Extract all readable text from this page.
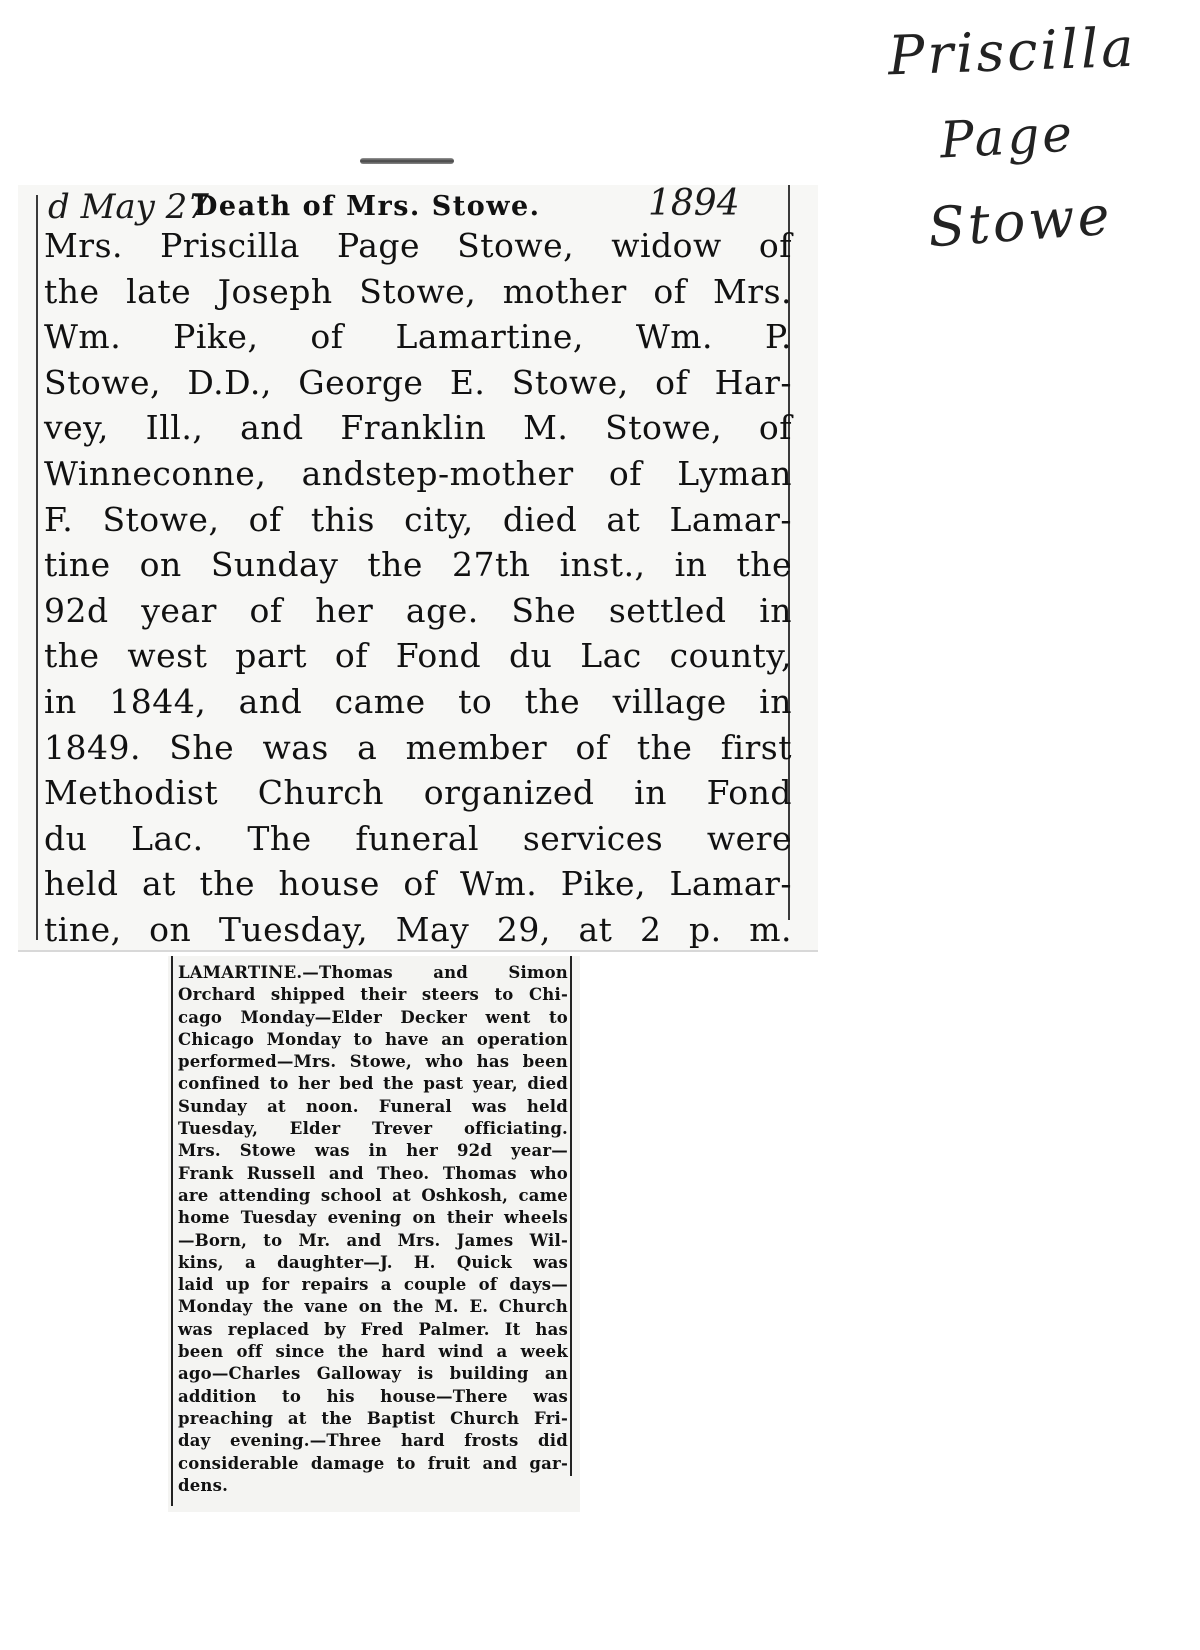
Priscilla
Page
Stowe
d May 27
Death of Mrs. Stowe.	1894
Mrs. Priscilla Page Stowe, widow of
the late Joseph Stowe, mother of Mrs.
Wm. Pike, of Lamartine, Wm. P.
Stowe, D.D., George E. Stowe, of Har-
vey, Ill., and Franklin M. Stowe, of
Winneconne, andstep-mother of Lyman
F. Stowe, of this city, died at Lamar-
tine on Sunday the 27th inst., in the
92d year of her age. She settled in
the west part of Fond du Lac county,
in 1844, and came to the village in
1849. She was a member of the first
Methodist Church organized in Fond
du Lac. The funeral services were
held at the house of Wm. Pike, Lamar-
tine, on Tuesday, May 29, at 2 p. m.
LAMARTINE.—Thomas and Simon
Orchard shipped their steers to Chi-
cago Monday—Elder Decker went to
Chicago Monday to have an operation
performed—Mrs. Stowe, who has been
confined to her bed the past year, died
Sunday at noon. Funeral was held
Tuesday, Elder Trever officiating.
Mrs. Stowe was in her 92d year—
Frank Russell and Theo. Thomas who
are attending school at Oshkosh, came
home Tuesday evening on their wheels
—Born, to Mr. and Mrs. James Wil-
kins, a daughter—J. H. Quick was
laid up for repairs a couple of days—
Monday the vane on the M. E. Church
was replaced by Fred Palmer. It has
been off since the hard wind a week
ago—Charles Galloway is building an
addition to his house—There was
preaching at the Baptist Church Fri-
day evening.—Three hard frosts did
considerable damage to fruit and gar-
dens.
